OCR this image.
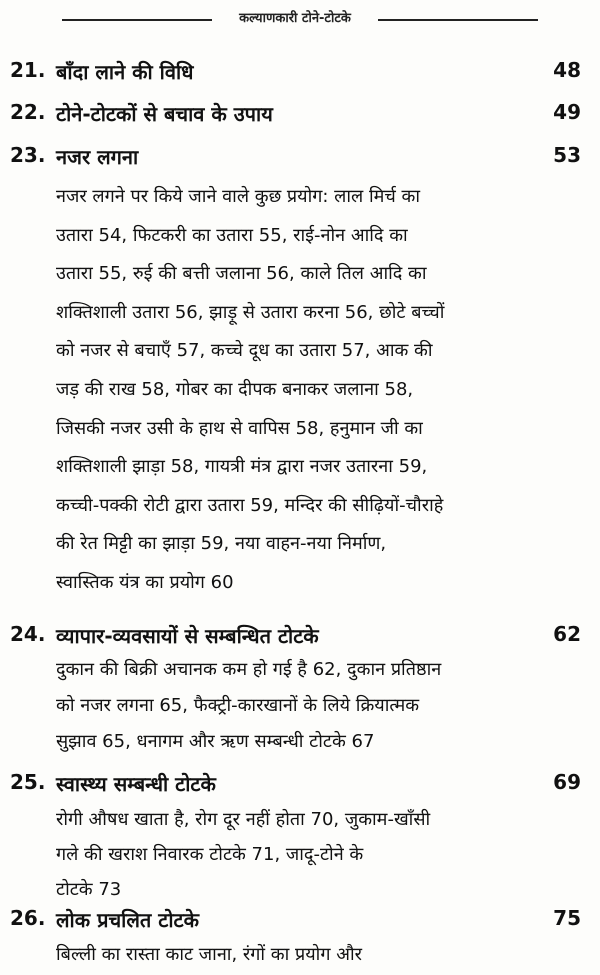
कल्याणकारी टोने-टोटके
21. बाँदा लाने की विधि	48
22. टोने-टोटकों से बचाव के उपाय	49
23. नजर लगना	53
नजर लगने पर किये जाने वाले कुछ प्रयोग: लाल मिर्च का
उतारा 54, फिटकरी का उतारा 55, राई-नोन आदि का
उतारा 55, रुई की बत्ती जलाना 56, काले तिल आदि का
शक्तिशाली उतारा 56, झाड़ू से उतारा करना 56, छोटे बच्चों
को नजर से बचाएँ 57, कच्चे दूध का उतारा 57, आक की
जड़ की राख 58, गोबर का दीपक बनाकर जलाना 58,
जिसकी नजर उसी के हाथ से वापिस 58, हनुमान जी का
शक्तिशाली झाड़ा 58, गायत्री मंत्र द्वारा नजर उतारना 59,
कच्ची-पक्की रोटी द्वारा उतारा 59, मन्दिर की सीढ़ियों-चौराहे
की रेत मिट्टी का झाड़ा 59, नया वाहन-नया निर्माण,
स्वास्तिक यंत्र का प्रयोग 60
24. व्यापार-व्यवसायों से सम्बन्धित टोटके	62
दुकान की बिक्री अचानक कम हो गई है 62, दुकान प्रतिष्ठान
को नजर लगना 65, फैक्ट्री-कारखानों के लिये क्रियात्मक
सुझाव 65, धनागम और ऋण सम्बन्धी टोटके 67
25. स्वास्थ्य सम्बन्धी टोटके	69
रोगी औषध खाता है, रोग दूर नहीं होता 70, जुकाम-खाँसी
गले की खराश निवारक टोटके 71, जादू-टोने के
टोटके 73
26. लोक प्रचलित टोटके	75
बिल्ली का रास्ता काट जाना, रंगों का प्रयोग और
